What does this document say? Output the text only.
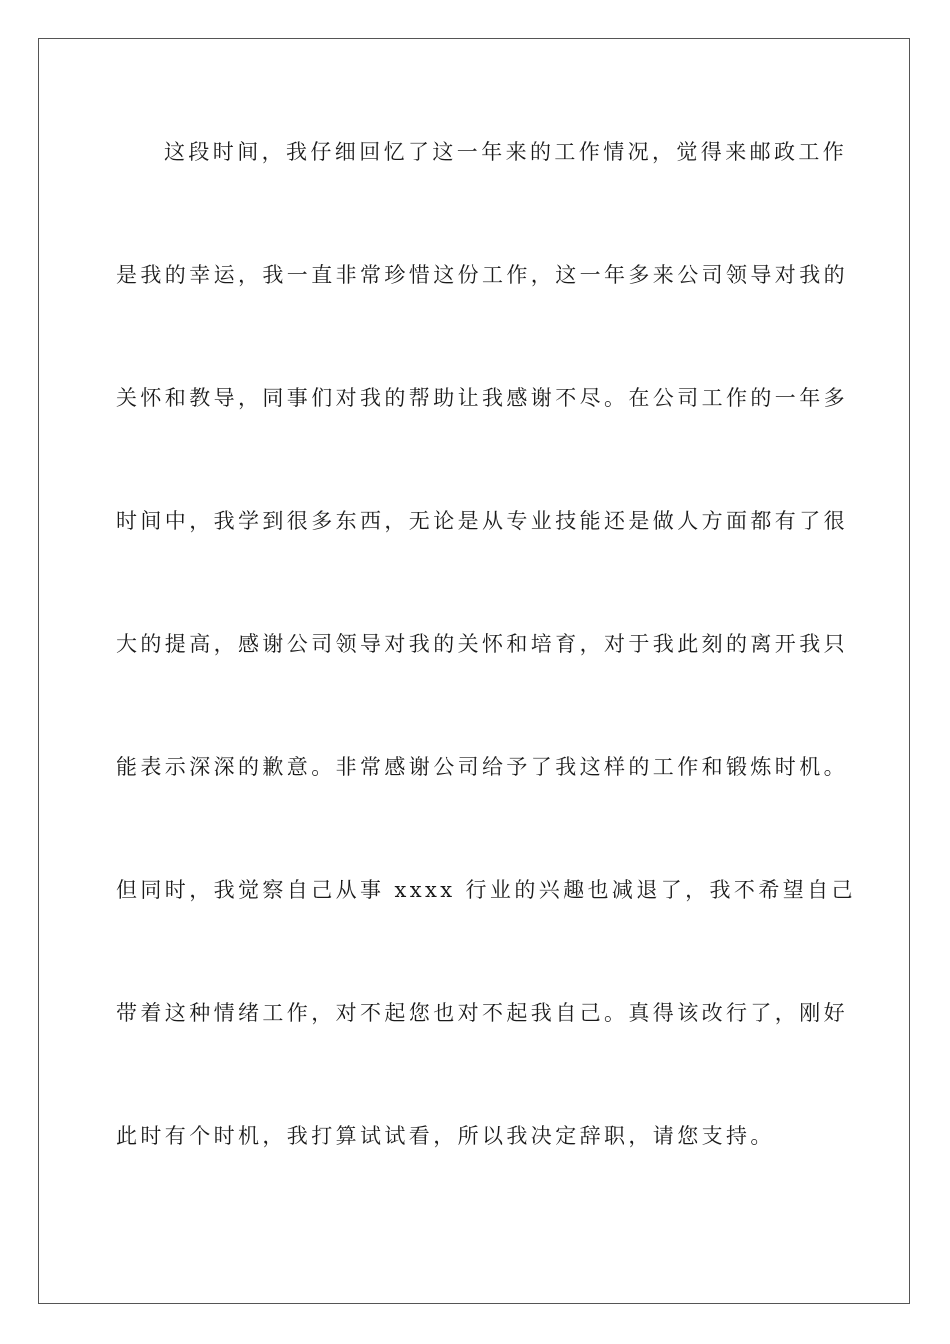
这段时间，我仔细回忆了这一年来的工作情况，觉得来邮政工作
是我的幸运，我一直非常珍惜这份工作，这一年多来公司领导对我的
关怀和教导，同事们对我的帮助让我感谢不尽。在公司工作的一年多
时间中，我学到很多东西，无论是从专业技能还是做人方面都有了很
大的提高，感谢公司领导对我的关怀和培育，对于我此刻的离开我只
能表示深深的歉意。非常感谢公司给予了我这样的工作和锻炼时机。
但同时，我觉察自己从事 xxxx 行业的兴趣也减退了，我不希望自己
带着这种情绪工作，对不起您也对不起我自己。真得该改行了，刚好
此时有个时机，我打算试试看，所以我决定辞职，请您支持。
